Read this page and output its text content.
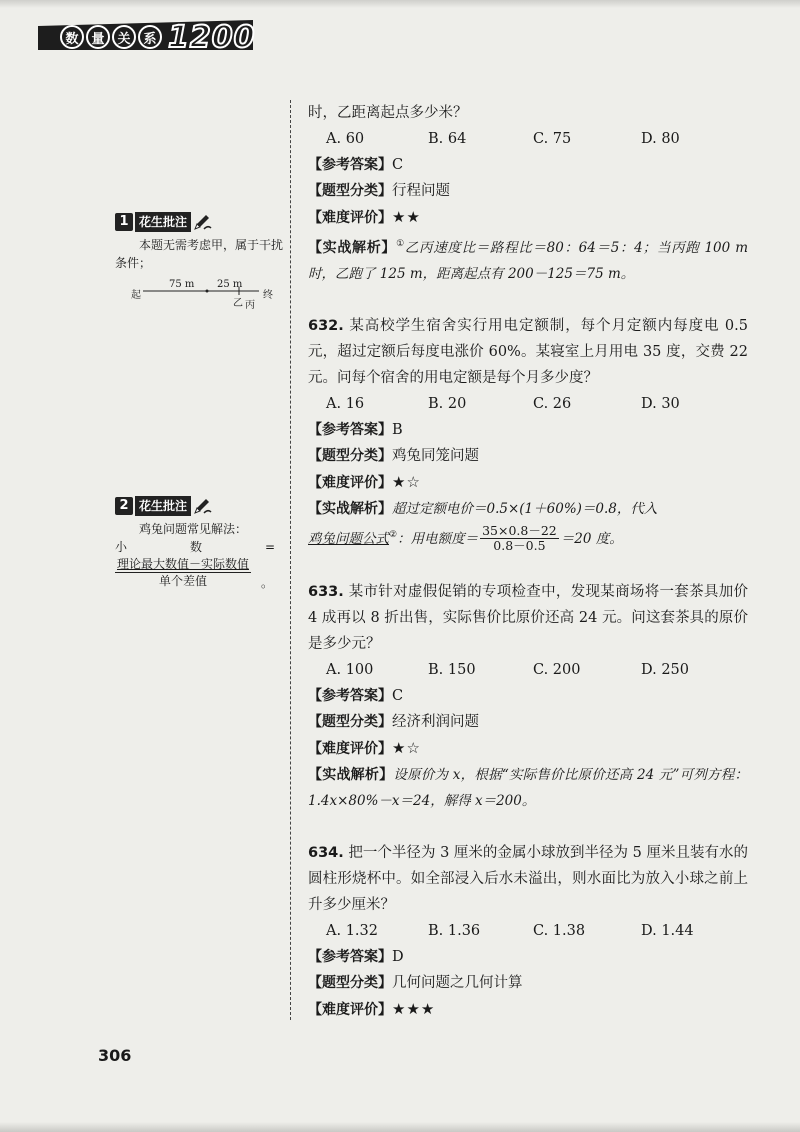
数 量 关 系 1200
1 花生批注
本题无需考虑甲，属于干扰条件；
起
75 m 25 m
乙 丙
终
2 花生批注
鸡兔问题常见解法：
小	数	=
理论最大数值－实际数值
单个差值	。
时，乙距离起点多少米？
A. 60	B. 64	C. 75	D. 80
【参考答案】 C
【题型分类】 行程问题
【难度评价】 ★★
【实战解析】①乙丙速度比＝路程比＝80：64＝5：4；当丙跑 100 m 时，乙跑了 125 m，距离起点有 200－125＝75 m。
632. 某高校学生宿舍实行用电定额制，每个月定额内每度电 0.5 元，超过定额后每度电涨价 60%。某寝室上月用电 35 度，交费 22 元。问每个宿舍的用电定额是每个月多少度？
A. 16	B. 20	C. 26	D. 30
【参考答案】 B
【题型分类】 鸡兔同笼问题
【难度评价】 ★☆
【实战解析】超过定额电价＝0.5×(1＋60%)＝0.8，代入
鸡兔问题公式②：用电额度＝ $\frac{35\times 0.8-22}{0.8-0.5} =20$ 度。
633. 某市针对虚假促销的专项检查中，发现某商场将一套茶具加价 4 成再以 8 折出售，实际售价比原价还高 24 元。问这套茶具的原价是多少元？
A. 100	B. 150	C. 200	D. 250
【参考答案】 C
【题型分类】 经济利润问题
【难度评价】 ★☆
【实战解析】设原价为 x，根据“实际售价比原价还高 24 元”可列方程：1.4x×80%－x＝24，解得 x＝200。
634. 把一个半径为 3 厘米的金属小球放到半径为 5 厘米且装有水的圆柱形烧杯中。如全部浸入后水未溢出，则水面比为放入小球之前上升多少厘米？
A. 1.32	B. 1.36	C. 1.38	D. 1.44
【参考答案】 D
【题型分类】 几何问题之几何计算
【难度评价】 ★★★
306
